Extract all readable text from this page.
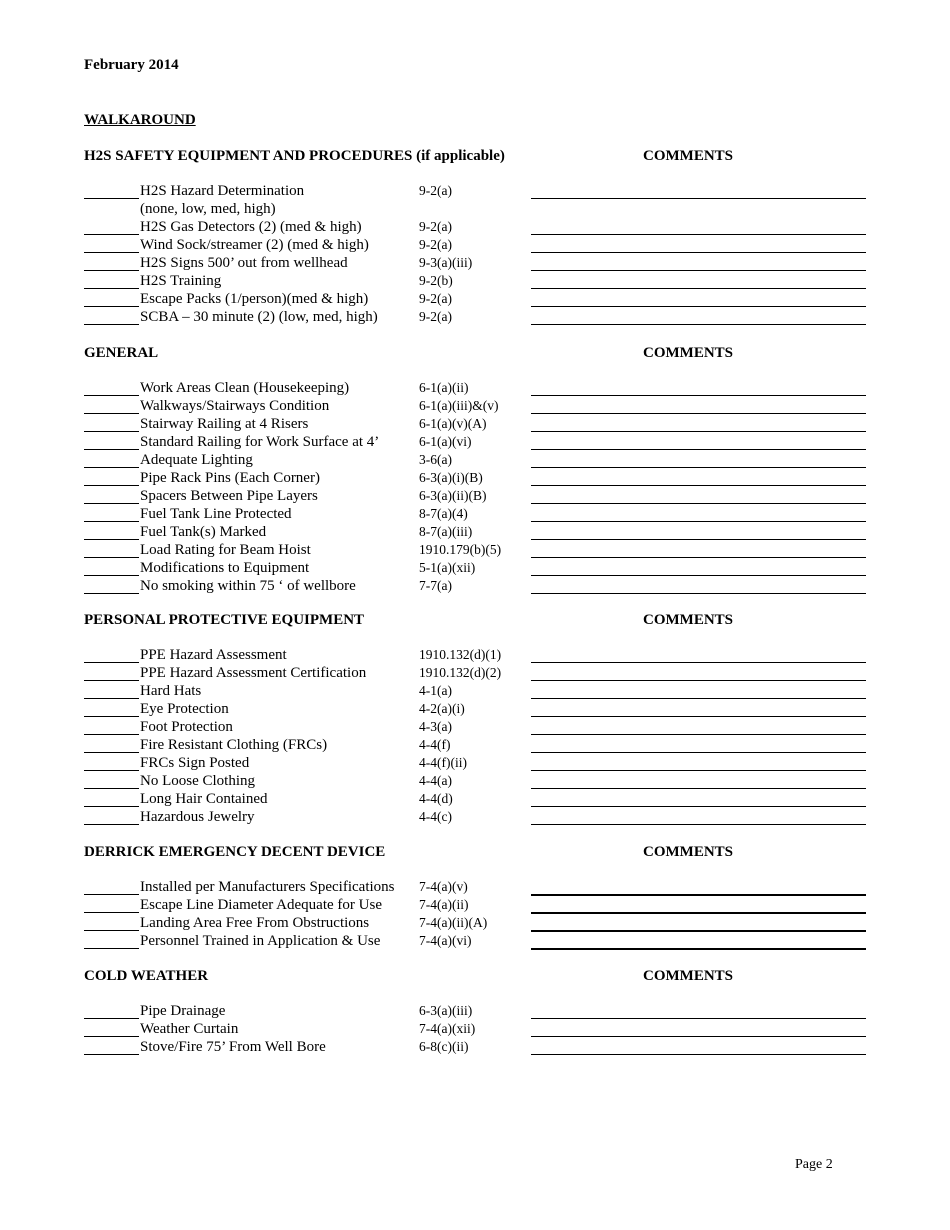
February 2014
WALKAROUND
H2S SAFETY EQUIPMENT AND PROCEDURES (if applicable)	COMMENTS
H2S Hazard Determination	9-2(a)
(none, low, med, high)
H2S Gas Detectors (2) (med & high)	9-2(a)
Wind Sock/streamer (2) (med & high)	9-2(a)
H2S Signs 500’ out from wellhead	9-3(a)(iii)
H2S Training	9-2(b)
Escape Packs (1/person)(med & high)	9-2(a)
SCBA – 30 minute (2) (low, med, high)	9-2(a)
GENERAL	COMMENTS
Work Areas Clean (Housekeeping)	6-1(a)(ii)
Walkways/Stairways Condition	6-1(a)(iii)&(v)
Stairway Railing at 4 Risers	6-1(a)(v)(A)
Standard Railing for Work Surface at 4’	6-1(a)(vi)
Adequate Lighting	3-6(a)
Pipe Rack Pins (Each Corner)	6-3(a)(i)(B)
Spacers Between Pipe Layers	6-3(a)(ii)(B)
Fuel Tank Line Protected	8-7(a)(4)
Fuel Tank(s) Marked	8-7(a)(iii)
Load Rating for Beam Hoist	1910.179(b)(5)
Modifications to Equipment	5-1(a)(xii)
No smoking within 75 ‘ of wellbore	7-7(a)
PERSONAL PROTECTIVE EQUIPMENT	COMMENTS
PPE Hazard Assessment	1910.132(d)(1)
PPE Hazard Assessment Certification	1910.132(d)(2)
Hard Hats	4-1(a)
Eye Protection	4-2(a)(i)
Foot Protection	4-3(a)
Fire Resistant Clothing (FRCs)	4-4(f)
FRCs Sign Posted	4-4(f)(ii)
No Loose Clothing	4-4(a)
Long Hair Contained	4-4(d)
Hazardous Jewelry	4-4(c)
DERRICK EMERGENCY DECENT DEVICE	COMMENTS
Installed per Manufacturers Specifications 7-4(a)(v)
Escape Line Diameter Adequate for Use	7-4(a)(ii)
Landing Area Free From Obstructions	7-4(a)(ii)(A)
Personnel Trained in Application & Use	7-4(a)(vi)
COLD WEATHER	COMMENTS
Pipe Drainage	6-3(a)(iii)
Weather Curtain	7-4(a)(xii)
Stove/Fire 75’ From Well Bore	6-8(c)(ii)
Page 2
